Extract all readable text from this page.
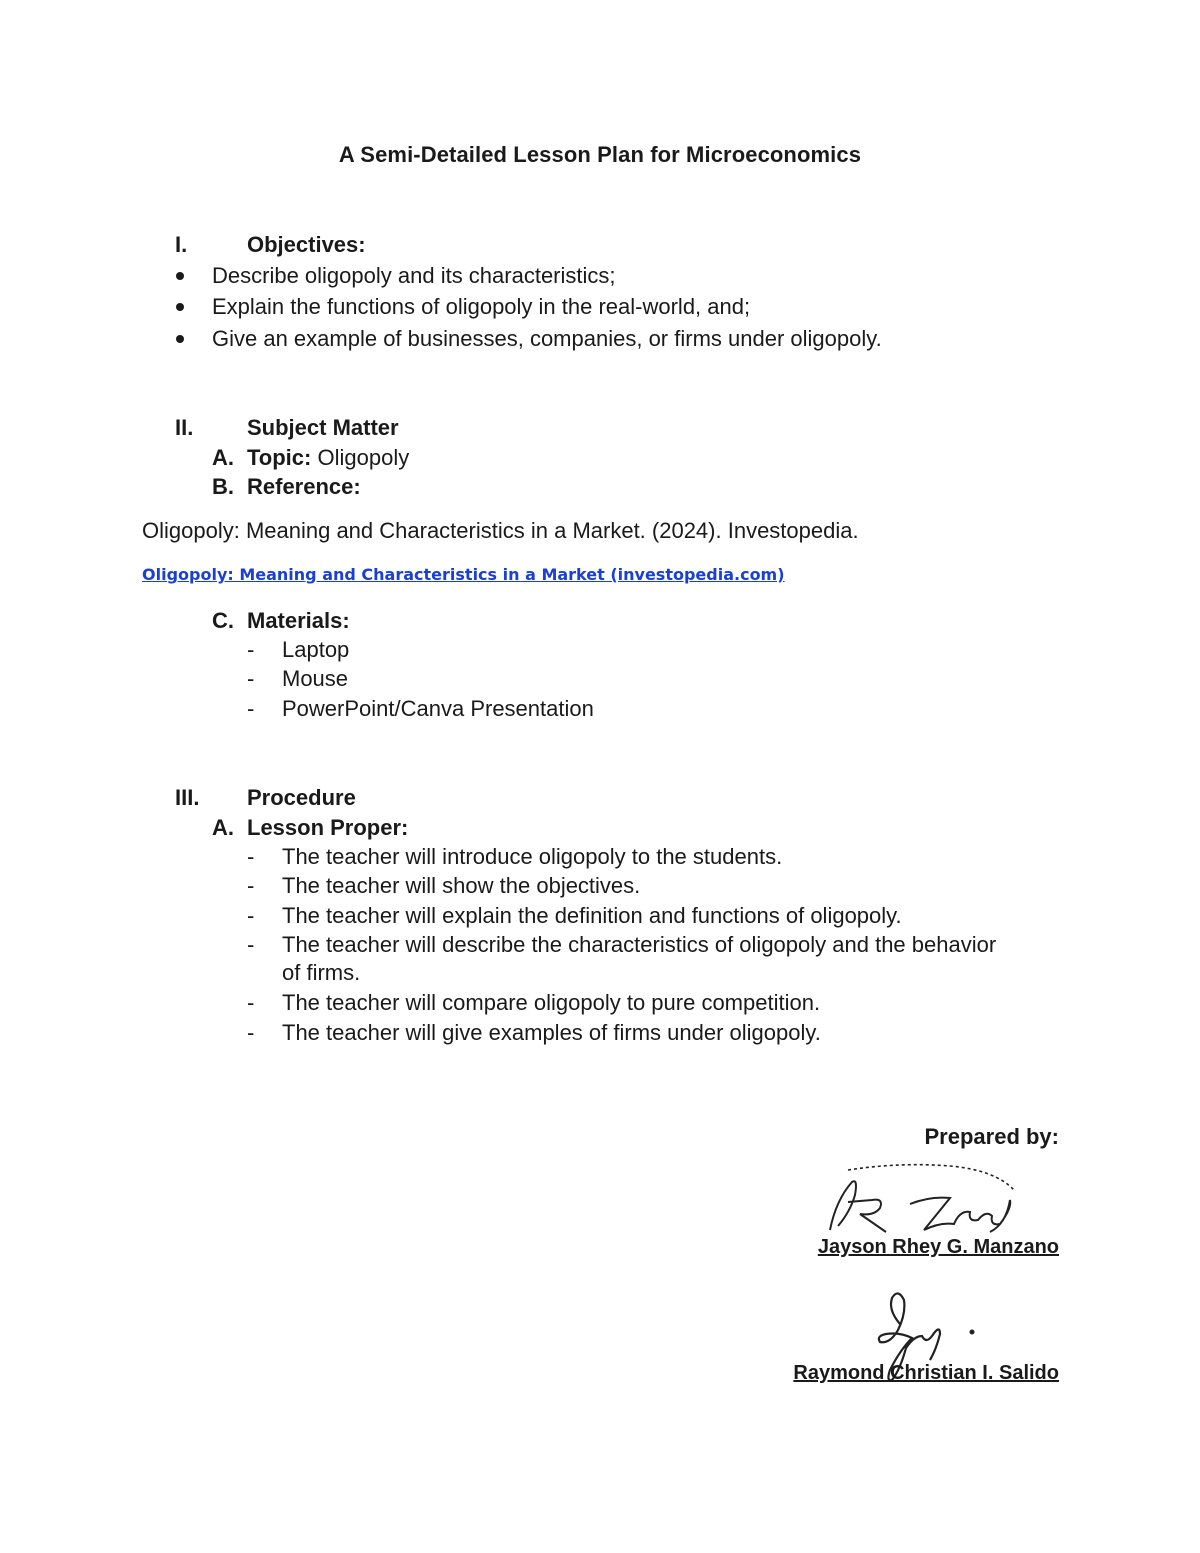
A Semi-Detailed Lesson Plan for Microeconomics
I.	Objectives:
Describe oligopoly and its characteristics;
Explain the functions of oligopoly in the real-world, and;
Give an example of businesses, companies, or firms under oligopoly.
II. Subject Matter
A. Topic: Oligopoly
B. Reference:
Oligopoly: Meaning and Characteristics in a Market. (2024). Investopedia.
Oligopoly: Meaning and Characteristics in a Market (investopedia.com)
C. Materials:
- Laptop
- Mouse
- PowerPoint/Canva Presentation
III. Procedure
A. Lesson Proper:
- The teacher will introduce oligopoly to the students.
- The teacher will show the objectives.
- The teacher will explain the definition and functions of oligopoly.
- The teacher will describe the characteristics of oligopoly and the behavior
of firms.
- The teacher will compare oligopoly to pure competition.
- The teacher will give examples of firms under oligopoly.
Prepared by:
Jayson Rhey G. Manzano
Raymond Christian I. Salido
